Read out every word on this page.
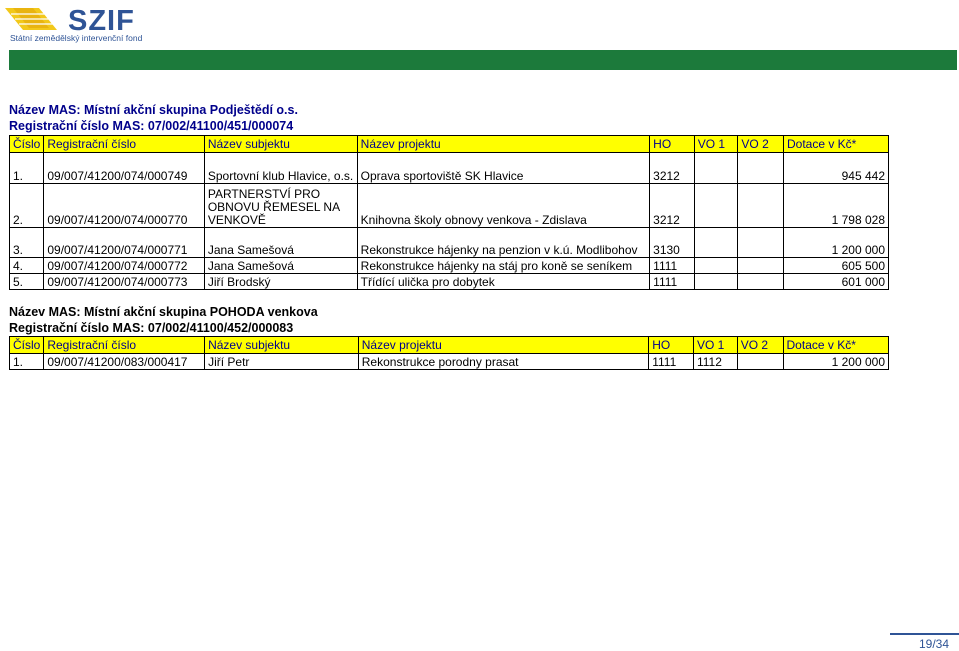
SZIF
Státní zemědělský intervenční fond
Název MAS: Místní akční skupina Podještědí o.s.
Registrační číslo MAS: 07/002/41100/451/000074
Číslo	Registrační číslo	Název subjektu	Název projektu	HO	VO 1	VO 2	Dotace v Kč*
1.	09/007/41200/074/000749	Sportovní klub Hlavice, o.s.	Oprava sportoviště SK Hlavice	3212			945 442
2.	09/007/41200/074/000770	PARTNERSTVÍ PRO OBNOVU ŘEMESEL NA VENKOVĚ	Knihovna školy obnovy venkova - Zdislava	3212			1 798 028
3.	09/007/41200/074/000771	Jana Samešová	Rekonstrukce hájenky na penzion v k.ú. Modlibohov	3130			1 200 000
4.	09/007/41200/074/000772	Jana Samešová	Rekonstrukce hájenky na stáj pro koně se seníkem	1111			605 500
5.	09/007/41200/074/000773	Jiří Brodský	Třídící ulička pro dobytek	1111			601 000
Název MAS: Místní akční skupina POHODA venkova
Registrační číslo MAS: 07/002/41100/452/000083
Číslo	Registrační číslo	Název subjektu	Název projektu	HO	VO 1	VO 2	Dotace v Kč*
1.	09/007/41200/083/000417	Jiří Petr	Rekonstrukce porodny prasat	1111	1112		1 200 000
19/34
